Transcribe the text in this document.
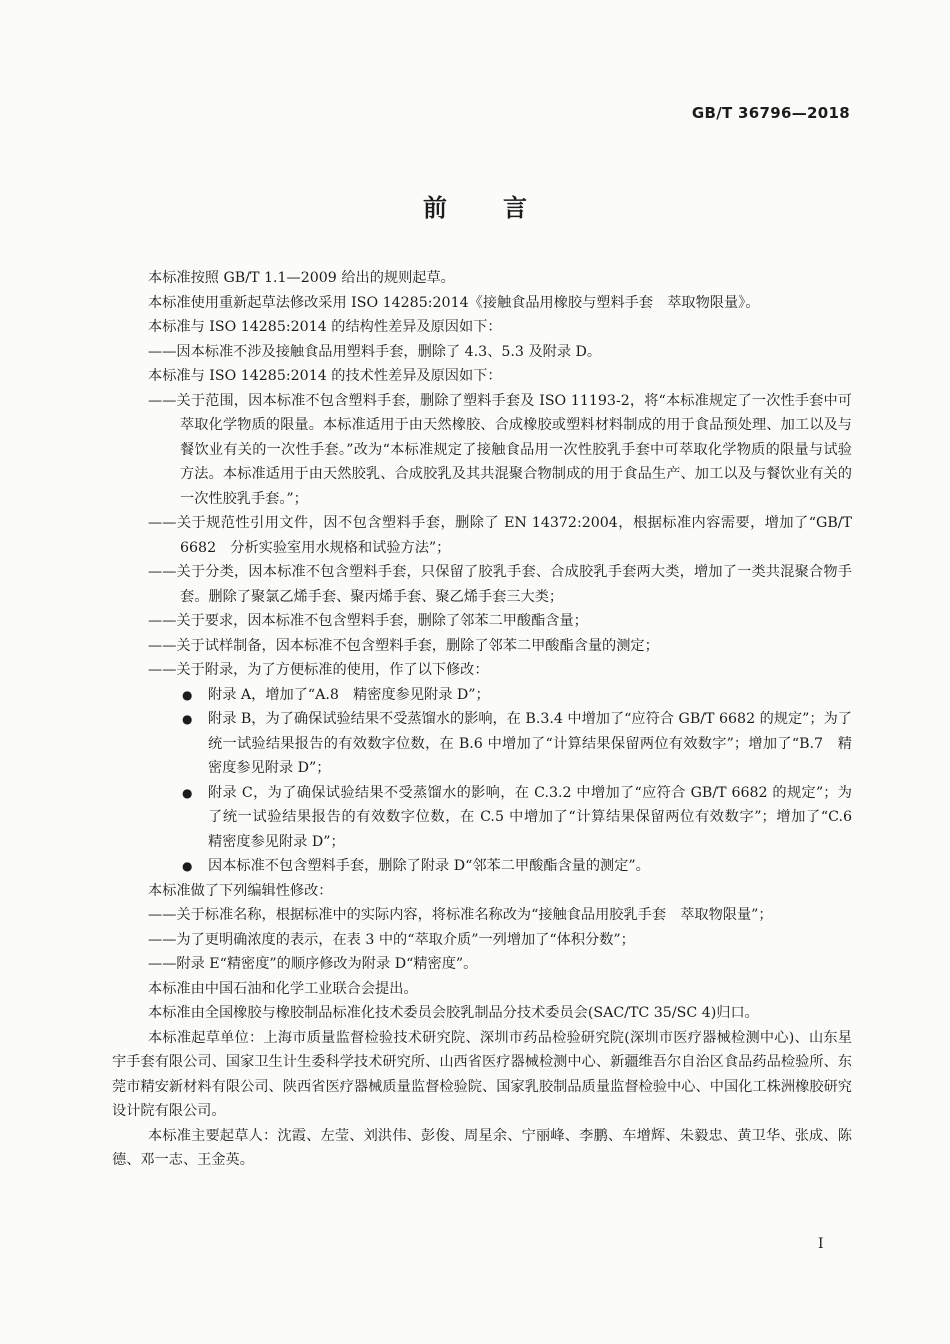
GB/T 36796—2018
前言

本标准按照 GB/T 1.1—2009 给出的规则起草。

本标准使用重新起草法修改采用 ISO 14285:2014《接触食品用橡胶与塑料手套　萃取物限量》。

本标准与 ISO 14285:2014 的结构性差异及原因如下：

——因本标准不涉及接触食品用塑料手套，删除了 4.3、5.3 及附录 D。

本标准与 ISO 14285:2014 的技术性差异及原因如下：

——关于范围，因本标准不包含塑料手套，删除了塑料手套及 ISO 11193-2，将“本标准规定了一次性手套中可萃取化学物质的限量。本标准适用于由天然橡胶、合成橡胶或塑料材料制成的用于食品预处理、加工以及与餐饮业有关的一次性手套。”改为“本标准规定了接触食品用一次性胶乳手套中可萃取化学物质的限量与试验方法。本标准适用于由天然胶乳、合成胶乳及其共混聚合物制成的用于食品生产、加工以及与餐饮业有关的一次性胶乳手套。”；

——关于规范性引用文件，因不包含塑料手套，删除了 EN 14372:2004，根据标准内容需要，增加了“GB/T 6682　分析实验室用水规格和试验方法”；

——关于分类，因本标准不包含塑料手套，只保留了胶乳手套、合成胶乳手套两大类，增加了一类共混聚合物手套。删除了聚氯乙烯手套、聚丙烯手套、聚乙烯手套三大类；

——关于要求，因本标准不包含塑料手套，删除了邻苯二甲酸酯含量；

——关于试样制备，因本标准不包含塑料手套，删除了邻苯二甲酸酯含量的测定；

——关于附录，为了方便标准的使用，作了以下修改：

● 附录 A，增加了“A.8　精密度参见附录 D”；
● 附录 B，为了确保试验结果不受蒸馏水的影响，在 B.3.4 中增加了“应符合 GB/T 6682 的规定”；为了统一试验结果报告的有效数字位数，在 B.6 中增加了“计算结果保留两位有效数字”；增加了“B.7　精密度参见附录 D”；
● 附录 C，为了确保试验结果不受蒸馏水的影响，在 C.3.2 中增加了“应符合 GB/T 6682 的规定”；为了统一试验结果报告的有效数字位数，在 C.5 中增加了“计算结果保留两位有效数字”；增加了“C.6　精密度参见附录 D”；
● 因本标准不包含塑料手套，删除了附录 D“邻苯二甲酸酯含量的测定”。

本标准做了下列编辑性修改：

——关于标准名称，根据标准中的实际内容，将标准名称改为“接触食品用胶乳手套　萃取物限量”；

——为了更明确浓度的表示，在表 3 中的“萃取介质”一列增加了“体积分数”；

——附录 E“精密度”的顺序修改为附录 D“精密度”。

本标准由中国石油和化学工业联合会提出。

本标准由全国橡胶与橡胶制品标准化技术委员会胶乳制品分技术委员会(SAC/TC 35/SC 4)归口。

本标准起草单位：上海市质量监督检验技术研究院、深圳市药品检验研究院(深圳市医疗器械检测中心)、山东星宇手套有限公司、国家卫生计生委科学技术研究所、山西省医疗器械检测中心、新疆维吾尔自治区食品药品检验所、东莞市精安新材料有限公司、陕西省医疗器械质量监督检验院、国家乳胶制品质量监督检验中心、中国化工株洲橡胶研究设计院有限公司。

本标准主要起草人：沈霞、左莹、刘洪伟、彭俊、周星余、宁丽峰、李鹏、车增辉、朱毅忠、黄卫华、张成、陈德、邓一志、王金英。

I
